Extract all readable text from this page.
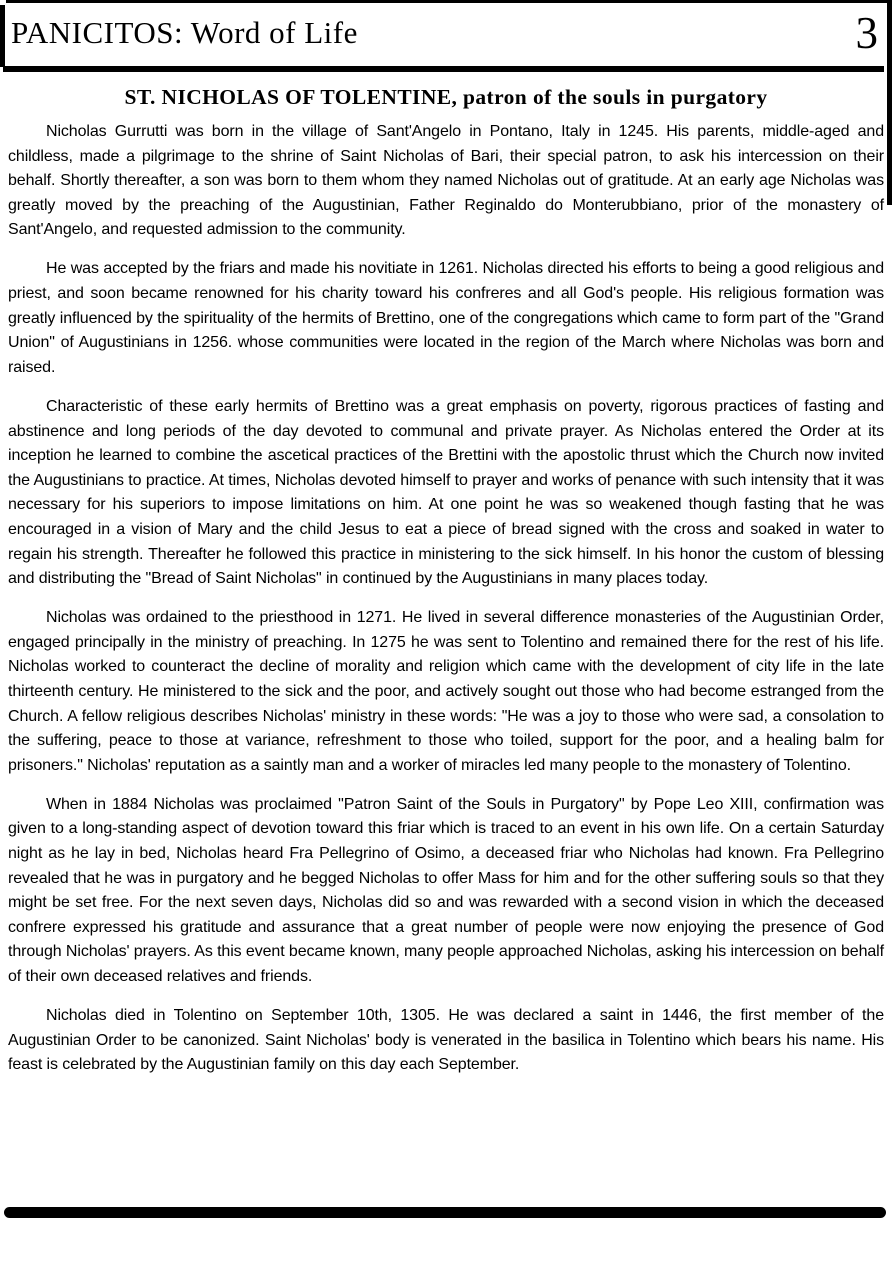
PANICITOS: Word of Life	3
ST. NICHOLAS OF TOLENTINE, patron of the souls in purgatory

Nicholas Gurrutti was born in the village of Sant'Angelo in Pontano, Italy in 1245. His parents, middle-aged and childless, made a pilgrimage to the shrine of Saint Nicholas of Bari, their special patron, to ask his intercession on their behalf. Shortly thereafter, a son was born to them whom they named Nicholas out of gratitude. At an early age Nicholas was greatly moved by the preaching of the Augustinian, Father Reginaldo do Monterubbiano, prior of the monastery of Sant'Angelo, and requested admission to the community.

He was accepted by the friars and made his novitiate in 1261. Nicholas directed his efforts to being a good religious and priest, and soon became renowned for his charity toward his confreres and all God's people. His religious formation was greatly influenced by the spirituality of the hermits of Brettino, one of the congregations which came to form part of the "Grand Union" of Augustinians in 1256. whose communities were located in the region of the March where Nicholas was born and raised.

Characteristic of these early hermits of Brettino was a great emphasis on poverty, rigorous practices of fasting and abstinence and long periods of the day devoted to communal and private prayer. As Nicholas entered the Order at its inception he learned to combine the ascetical practices of the Brettini with the apostolic thrust which the Church now invited the Augustinians to practice. At times, Nicholas devoted himself to prayer and works of penance with such intensity that it was necessary for his superiors to impose limitations on him. At one point he was so weakened though fasting that he was encouraged in a vision of Mary and the child Jesus to eat a piece of bread signed with the cross and soaked in water to regain his strength. Thereafter he followed this practice in ministering to the sick himself. In his honor the custom of blessing and distributing the "Bread of Saint Nicholas" in continued by the Augustinians in many places today.

Nicholas was ordained to the priesthood in 1271. He lived in several difference monasteries of the Augustinian Order, engaged principally in the ministry of preaching. In 1275 he was sent to Tolentino and remained there for the rest of his life. Nicholas worked to counteract the decline of morality and religion which came with the development of city life in the late thirteenth century. He ministered to the sick and the poor, and actively sought out those who had become estranged from the Church. A fellow religious describes Nicholas' ministry in these words: "He was a joy to those who were sad, a consolation to the suffering, peace to those at variance, refreshment to those who toiled, support for the poor, and a healing balm for prisoners." Nicholas' reputation as a saintly man and a worker of miracles led many people to the monastery of Tolentino.

When in 1884 Nicholas was proclaimed "Patron Saint of the Souls in Purgatory" by Pope Leo XIII, confirmation was given to a long-standing aspect of devotion toward this friar which is traced to an event in his own life. On a certain Saturday night as he lay in bed, Nicholas heard Fra Pellegrino of Osimo, a deceased friar who Nicholas had known. Fra Pellegrino revealed that he was in purgatory and he begged Nicholas to offer Mass for him and for the other suffering souls so that they might be set free. For the next seven days, Nicholas did so and was rewarded with a second vision in which the deceased confrere expressed his gratitude and assurance that a great number of people were now enjoying the presence of God through Nicholas' prayers. As this event became known, many people approached Nicholas, asking his intercession on behalf of their own deceased relatives and friends.

Nicholas died in Tolentino on September 10th, 1305. He was declared a saint in 1446, the first member of the Augustinian Order to be canonized. Saint Nicholas' body is venerated in the basilica in Tolentino which bears his name. His feast is celebrated by the Augustinian family on this day each September.
